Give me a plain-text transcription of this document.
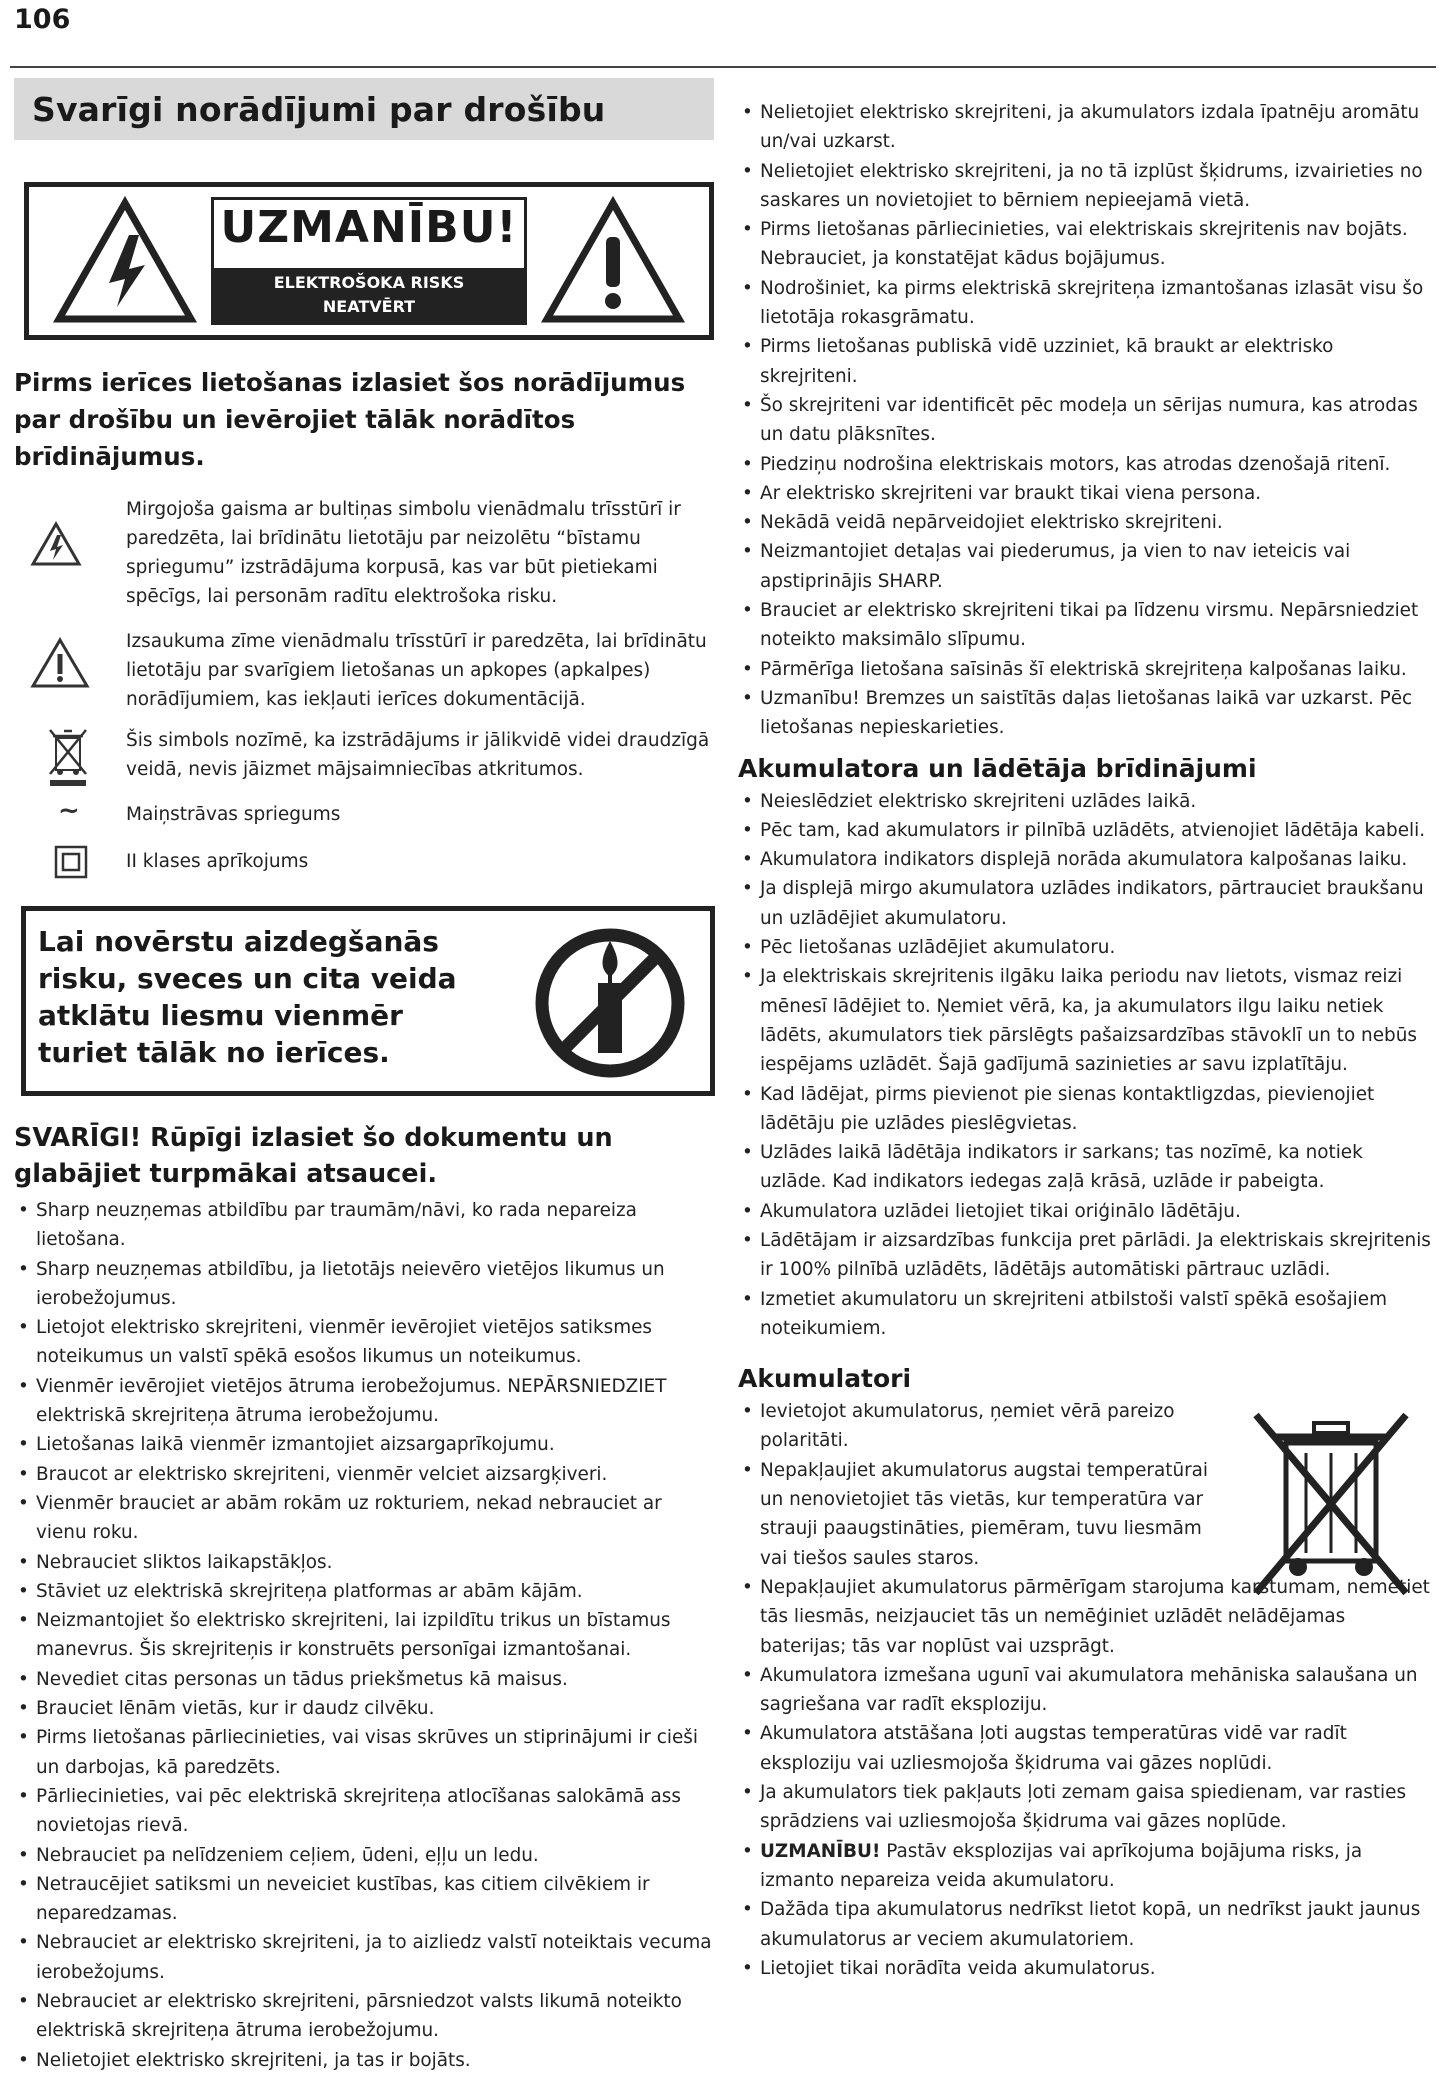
106
Svarīgi norādījumi par drošību
UZMANĪBU!
ELEKTROŠOKA RISKS
NEATVĒRT

Pirms ierīces lietošanas izlasiet šos norādījumus par drošību un ievērojiet tālāk norādītos brīdinājumus.

Mirgojoša gaisma ar bultiņas simbolu vienādmalu trīsstūrī ir paredzēta, lai brīdinātu lietotāju par neizolētu “bīstamu spriegumu” izstrādājuma korpusā, kas var būt pietiekami spēcīgs, lai personām radītu elektrošoka risku.

Izsaukuma zīme vienādmalu trīsstūrī ir paredzēta, lai brīdinātu lietotāju par svarīgiem lietošanas un apkopes (apkalpes) norādījumiem, kas iekļauti ierīces dokumentācijā.

Šis simbols nozīmē, ka izstrādājums ir jālikvidē videi draudzīgā veidā, nevis jāizmet mājsaimniecības atkritumos.

~ Maiņstrāvas spriegums

II klases aprīkojums

Lai novērstu aizdegšanās risku, sveces un cita veida atklātu liesmu vienmēr turiet tālāk no ierīces.
SVARĪGI! Rūpīgi izlasiet šo dokumentu un glabājiet turpmākai atsaucei.
• Sharp neuzņemas atbildību par traumām/nāvi, ko rada nepareiza lietošana.
• Sharp neuzņemas atbildību, ja lietotājs neievēro vietējos likumus un ierobežojumus.
• Lietojot elektrisko skrejriteni, vienmēr ievērojiet vietējos satiksmes noteikumus un valstī spēkā esošos likumus un noteikumus.
• Vienmēr ievērojiet vietējos ātruma ierobežojumus. NEPĀRSNIEDZIET elektriskā skrejriteņa ātruma ierobežojumu.
• Lietošanas laikā vienmēr izmantojiet aizsargaprīkojumu.
• Braucot ar elektrisko skrejriteni, vienmēr velciet aizsargķiveri.
• Vienmēr brauciet ar abām rokām uz rokturiem, nekad nebrauciet ar vienu roku.
• Nebrauciet sliktos laikapstākļos.
• Stāviet uz elektriskā skrejriteņa platformas ar abām kājām.
• Neizmantojiet šo elektrisko skrejriteni, lai izpildītu trikus un bīstamus manevrus. Šis skrejriteņis ir konstruēts personīgai izmantošanai.
• Nevediet citas personas un tādus priekšmetus kā maisus.
• Brauciet lēnām vietās, kur ir daudz cilvēku.
• Pirms lietošanas pārliecinieties, vai visas skrūves un stiprinājumi ir cieši un darbojas, kā paredzēts.
• Pārliecinieties, vai pēc elektriskā skrejriteņa atlocīšanas salokāmā ass novietojas rievā.
• Nebrauciet pa nelīdzeniem ceļiem, ūdeni, eļļu un ledu.
• Netraucējiet satiksmi un neveiciet kustības, kas citiem cilvēkiem ir neparedzamas.
• Nebrauciet ar elektrisko skrejriteni, ja to aizliedz valstī noteiktais vecuma ierobežojums.
• Nebrauciet ar elektrisko skrejriteni, pārsniedzot valsts likumā noteikto elektriskā skrejriteņa ātruma ierobežojumu.
• Nelietojiet elektrisko skrejriteni, ja tas ir bojāts.
• Nelietojiet elektrisko skrejriteni, ja akumulators izdala īpatnēju aromātu un/vai uzkarst.
• Nelietojiet elektrisko skrejriteni, ja no tā izplūst šķidrums, izvairieties no saskares un novietojiet to bērniem nepieejamā vietā.
• Pirms lietošanas pārliecinieties, vai elektriskais skrejritenis nav bojāts. Nebrauciet, ja konstatējat kādus bojājumus.
• Nodrošiniet, ka pirms elektriskā skrejriteņa izmantošanas izlasāt visu šo lietotāja rokasgrāmatu.
• Pirms lietošanas publiskā vidē uzziniet, kā braukt ar elektrisko skrejriteni.
• Šo skrejriteni var identificēt pēc modeļa un sērijas numura, kas atrodas un datu plāksnītes.
• Piedziņu nodrošina elektriskais motors, kas atrodas dzenošajā ritenī.
• Ar elektrisko skrejriteni var braukt tikai viena persona.
• Nekādā veidā nepārveidojiet elektrisko skrejriteni.
• Neizmantojiet detaļas vai piederumus, ja vien to nav ieteicis vai apstiprinājis SHARP.
• Brauciet ar elektrisko skrejriteni tikai pa līdzenu virsmu. Nepārsniedziet noteikto maksimālo slīpumu.
• Pārmērīga lietošana saīsinās šī elektriskā skrejriteņa kalpošanas laiku.
• Uzmanību! Bremzes un saistītās daļas lietošanas laikā var uzkarst. Pēc lietošanas nepieskarieties.
Akumulatora un lādētāja brīdinājumi
• Neieslēdziet elektrisko skrejriteni uzlādes laikā.
• Pēc tam, kad akumulators ir pilnībā uzlādēts, atvienojiet lādētāja kabeli.
• Akumulatora indikators displejā norāda akumulatora kalpošanas laiku.
• Ja displejā mirgo akumulatora uzlādes indikators, pārtrauciet braukšanu un uzlādējiet akumulatoru.
• Pēc lietošanas uzlādējiet akumulatoru.
• Ja elektriskais skrejritenis ilgāku laika periodu nav lietots, vismaz reizi mēnesī lādējiet to. Ņemiet vērā, ka, ja akumulators ilgu laiku netiek lādēts, akumulators tiek pārslēgts pašaizsardzības stāvoklī un to nebūs iespējams uzlādēt. Šajā gadījumā sazinieties ar savu izplatītāju.
• Kad lādējat, pirms pievienot pie sienas kontaktligzdas, pievienojiet lādētāju pie uzlādes pieslēgvietas.
• Uzlādes laikā lādētāja indikators ir sarkans; tas nozīmē, ka notiek uzlāde. Kad indikators iedegas zaļā krāsā, uzlāde ir pabeigta.
• Akumulatora uzlādei lietojiet tikai oriģinālo lādētāju.
• Lādētājam ir aizsardzības funkcija pret pārlādi. Ja elektriskais skrejritenis ir 100% pilnībā uzlādēts, lādētājs automātiski pārtrauc uzlādi.
• Izmetiet akumulatoru un skrejriteni atbilstoši valstī spēkā esošajiem noteikumiem.
Akumulatori
• Ievietojot akumulatorus, ņemiet vērā pareizo polaritāti.
• Nepakļaujiet akumulatorus augstai temperatūrai un nenovietojiet tās vietās, kur temperatūra var strauji paaugstināties, piemēram, tuvu liesmām vai tiešos saules staros.
• Nepakļaujiet akumulatorus pārmērīgam starojuma karstumam, nemetiet tās liesmās, neizjauciet tās un nemēģiniet uzlādēt nelādējamas baterijas; tās var noplūst vai uzsprāgt.
• Akumulatora izmešana ugunī vai akumulatora mehāniska salaušana un sagriešana var radīt eksploziju.
• Akumulatora atstāšana ļoti augstas temperatūras vidē var radīt eksploziju vai uzliesmojoša šķidruma vai gāzes noplūdi.
• Ja akumulators tiek pakļauts ļoti zemam gaisa spiedienam, var rasties sprādziens vai uzliesmojoša šķidruma vai gāzes noplūde.
• UZMANĪBU! Pastāv eksplozijas vai aprīkojuma bojājuma risks, ja izmanto nepareiza veida akumulatoru.
• Dažāda tipa akumulatorus nedrīkst lietot kopā, un nedrīkst jaukt jaunus akumulatorus ar veciem akumulatoriem.
• Lietojiet tikai norādīta veida akumulatorus.
